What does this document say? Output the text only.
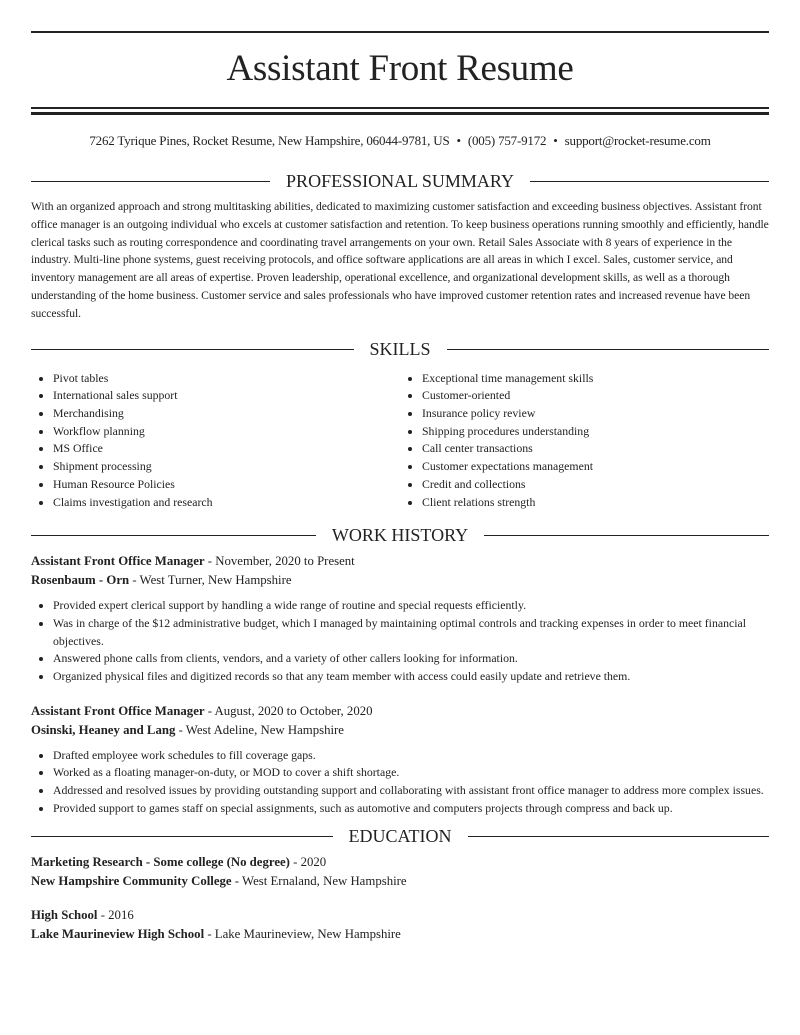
Assistant Front Resume
7262 Tyrique Pines, Rocket Resume, New Hampshire, 06044-9781, US • (005) 757-9172 • support@rocket-resume.com
PROFESSIONAL SUMMARY

With an organized approach and strong multitasking abilities, dedicated to maximizing customer satisfaction and exceeding business objectives. Assistant front office manager is an outgoing individual who excels at customer satisfaction and retention. To keep business operations running smoothly and efficiently, handle clerical tasks such as routing correspondence and coordinating travel arrangements on your own. Retail Sales Associate with 8 years of experience in the industry. Multi-line phone systems, guest receiving protocols, and office software applications are all areas in which I excel. Sales, customer service, and inventory management are all areas of expertise. Proven leadership, operational excellence, and organizational development skills, as well as a thorough understanding of the home business. Customer service and sales professionals who have improved customer retention rates and increased revenue have been successful.

SKILLS
• Pivot tables
• International sales support
• Merchandising
• Workflow planning
• MS Office
• Shipment processing
• Human Resource Policies
• Claims investigation and research
• Exceptional time management skills
• Customer-oriented
• Insurance policy review
• Shipping procedures understanding
• Call center transactions
• Customer expectations management
• Credit and collections
• Client relations strength
WORK HISTORY
Assistant Front Office Manager - November, 2020 to Present
Rosenbaum - Orn - West Turner, New Hampshire
• Provided expert clerical support by handling a wide range of routine and special requests efficiently.
• Was in charge of the $12 administrative budget, which I managed by maintaining optimal controls and tracking expenses in order to meet financial objectives.
• Answered phone calls from clients, vendors, and a variety of other callers looking for information.
• Organized physical files and digitized records so that any team member with access could easily update and retrieve them.
Assistant Front Office Manager - August, 2020 to October, 2020
Osinski, Heaney and Lang - West Adeline, New Hampshire
• Drafted employee work schedules to fill coverage gaps.
• Worked as a floating manager-on-duty, or MOD to cover a shift shortage.
• Addressed and resolved issues by providing outstanding support and collaborating with assistant front office manager to address more complex issues.
• Provided support to games staff on special assignments, such as automotive and computers projects through compress and back up.
EDUCATION
Marketing Research - Some college (No degree) - 2020
New Hampshire Community College - West Ernaland, New Hampshire
High School - 2016
Lake Maurineview High School - Lake Maurineview, New Hampshire
